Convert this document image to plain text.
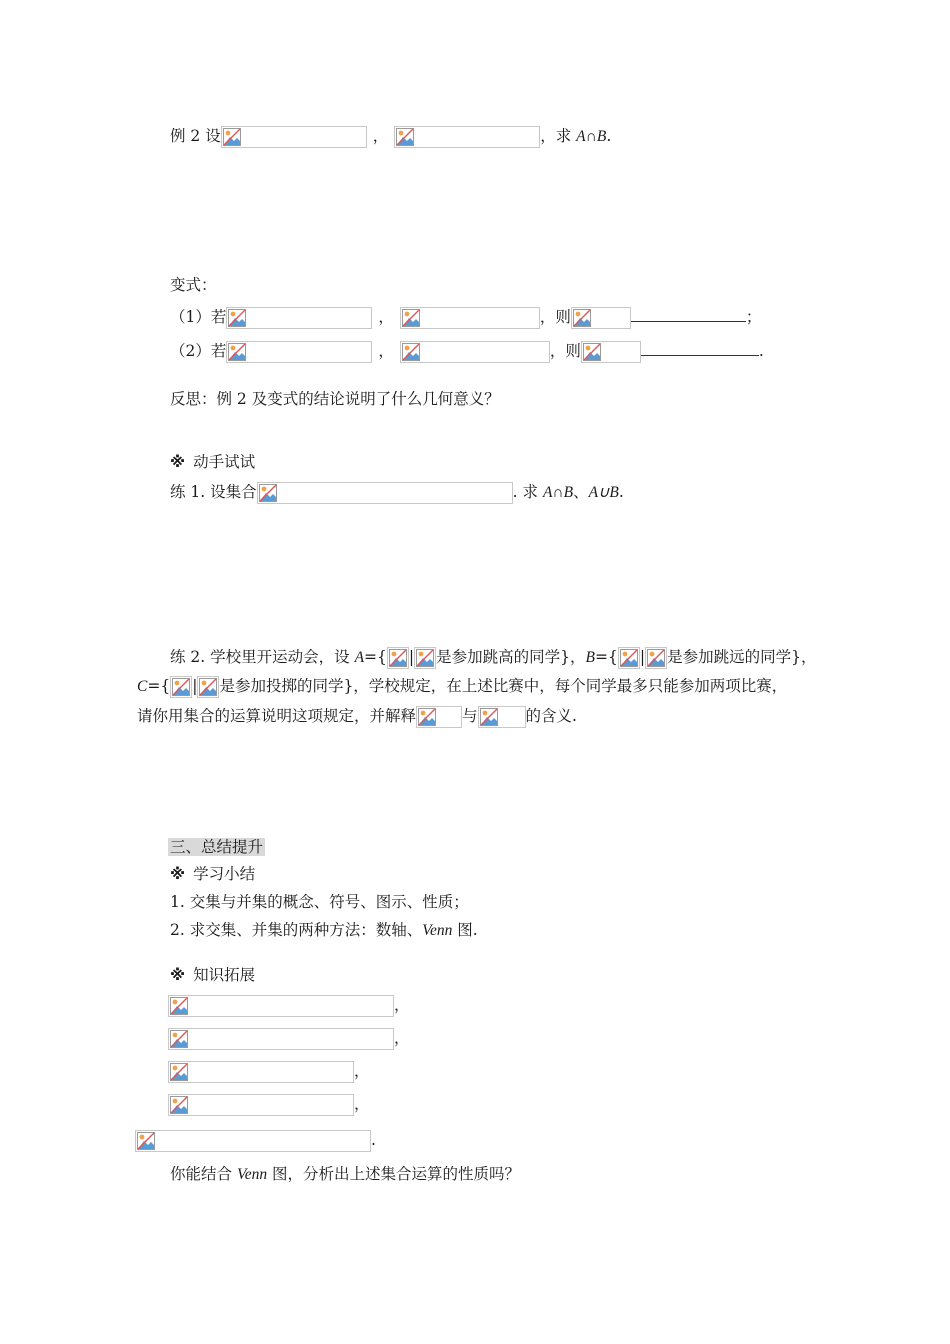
例 2 设	，	，求 A∩B.
变式：
（1）若	，	，则	；
（2）若	，	，则	.
反思：例 2 及变式的结论说明了什么几何意义？
※ 动手试试
练 1. 设集合	. 求 A∩B、A∪B.
练 2. 学校里开运动会，设 A={ | 是参加跳高的同学}，B={ | 是参加跳远的同学}，
C={ | 是参加投掷的同学}，学校规定，在上述比赛中，每个同学最多只能参加两项比赛，
请你用集合的运算说明这项规定，并解释	与	的含义.
三、总结提升
※ 学习小结
1. 交集与并集的概念、符号、图示、性质；
2. 求交集、并集的两种方法：数轴、Venn 图.
※ 知识拓展
，
，
，
，
.
你能结合 Venn 图，分析出上述集合运算的性质吗？
